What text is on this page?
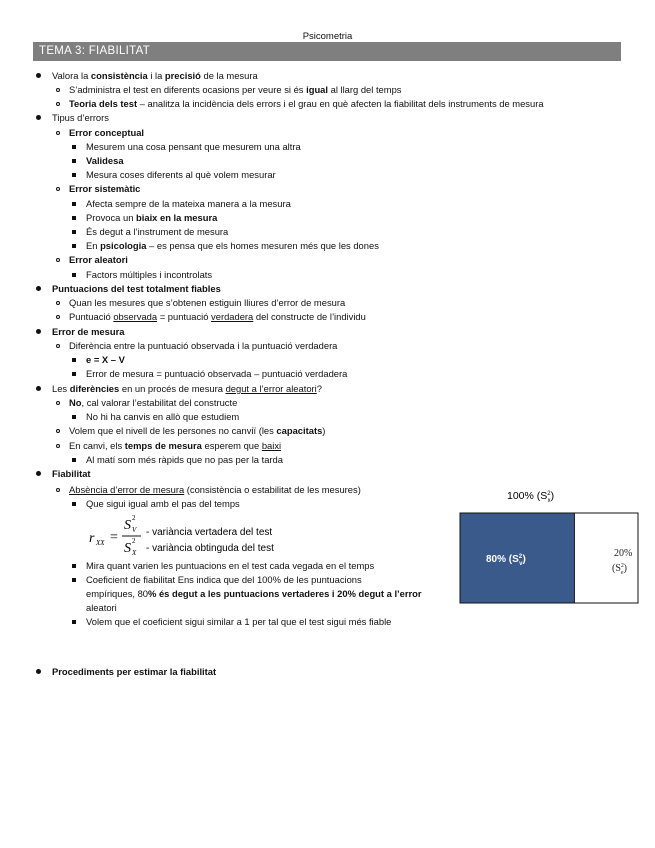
Psicometria
TEMA 3: FIABILITAT
Valora la consistència i la precisió de la mesura
S’administra el test en diferents ocasions per veure si és igual al llarg del temps
Teoria dels test – analitza la incidència dels errors i el grau en què afecten la fiabilitat dels instruments de mesura
Tipus d’errors
Error conceptual
Mesurem una cosa pensant que mesurem una altra
Validesa
Mesura coses diferents al què volem mesurar
Error sistemàtic
Afecta sempre de la mateixa manera a la mesura
Provoca un biaix en la mesura
És degut a l’instrument de mesura
En psicologia – es pensa que els homes mesuren més que les dones
Error aleatori
Factors múltiples i incontrolats
Puntuacions del test totalment fiables
Quan les mesures que s’obtenen estiguin lliures d’error de mesura
Puntuació observada = puntuació verdadera del constructe de l’individu
Error de mesura
Diferència entre la puntuació observada i la puntuació verdadera
e = X – V
Error de mesura = puntuació observada – puntuació verdadera
Les diferències en un procés de mesura degut a l’error aleatori?
No, cal valorar l’estabilitat del constructe
No hi ha canvis en allò que estudiem
Volem que el nivell de les persones no canviï (les capacitats)
En canvi, els temps de mesura esperem que baixi
Al matí som més ràpids que no pas per la tarda
Fiabilitat
Absència d’error de mesura (consistència o estabilitat de les mesures)
Que sigui igual amb el pas del temps
Mira quant varien les puntuacions en el test cada vegada en el temps
Coeficient de fiabilitat Ens indica que del 100% de les puntuacions
empíriques, 80% és degut a les puntuacions vertaderes i 20% degut a l’error
aleatori
Volem que el coeficient sigui similar a 1 per tal que el test sigui més fiable
Procediments per estimar la fiabilitat
r XX =
S V
2
S X
2
- variància vertadera del test
- variància obtinguda del test
100% ($S^2$ x)
80% ($S^2$ v)
20%
($S^2$ e)
